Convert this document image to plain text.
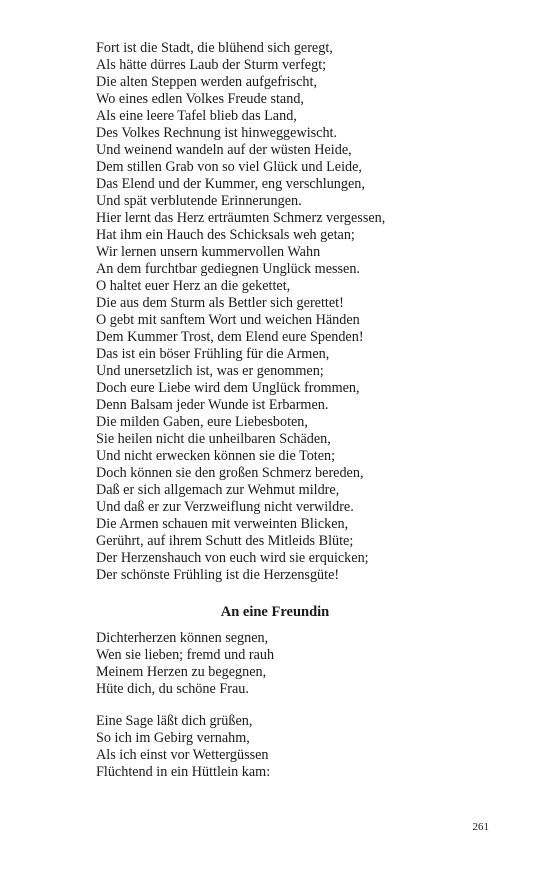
Fort ist die Stadt, die blühend sich geregt,
Als hätte dürres Laub der Sturm verfegt;
Die alten Steppen werden aufgefrischt,
Wo eines edlen Volkes Freude stand,
Als eine leere Tafel blieb das Land,
Des Volkes Rechnung ist hinweggewischt.
Und weinend wandeln auf der wüsten Heide,
Dem stillen Grab von so viel Glück und Leide,
Das Elend und der Kummer, eng verschlungen,
Und spät verblutende Erinnerungen.
Hier lernt das Herz erträumten Schmerz vergessen,
Hat ihm ein Hauch des Schicksals weh getan;
Wir lernen unsern kummervollen Wahn
An dem furchtbar gediegnen Unglück messen.
O haltet euer Herz an die gekettet,
Die aus dem Sturm als Bettler sich gerettet!
O gebt mit sanftem Wort und weichen Händen
Dem Kummer Trost, dem Elend eure Spenden!
Das ist ein böser Frühling für die Armen,
Und unersetzlich ist, was er genommen;
Doch eure Liebe wird dem Unglück frommen,
Denn Balsam jeder Wunde ist Erbarmen.
Die milden Gaben, eure Liebesboten,
Sie heilen nicht die unheilbaren Schäden,
Und nicht erwecken können sie die Toten;
Doch können sie den großen Schmerz bereden,
Daß er sich allgemach zur Wehmut mildre,
Und daß er zur Verzweiflung nicht verwildre.
Die Armen schauen mit verweinten Blicken,
Gerührt, auf ihrem Schutt des Mitleids Blüte;
Der Herzenshauch von euch wird sie erquicken;
Der schönste Frühling ist die Herzensgüte!
An eine Freundin
Dichterherzen können segnen,
Wen sie lieben; fremd und rauh
Meinem Herzen zu begegnen,
Hüte dich, du schöne Frau.
Eine Sage läßt dich grüßen,
So ich im Gebirg vernahm,
Als ich einst vor Wettergüssen
Flüchtend in ein Hüttlein kam:
261
